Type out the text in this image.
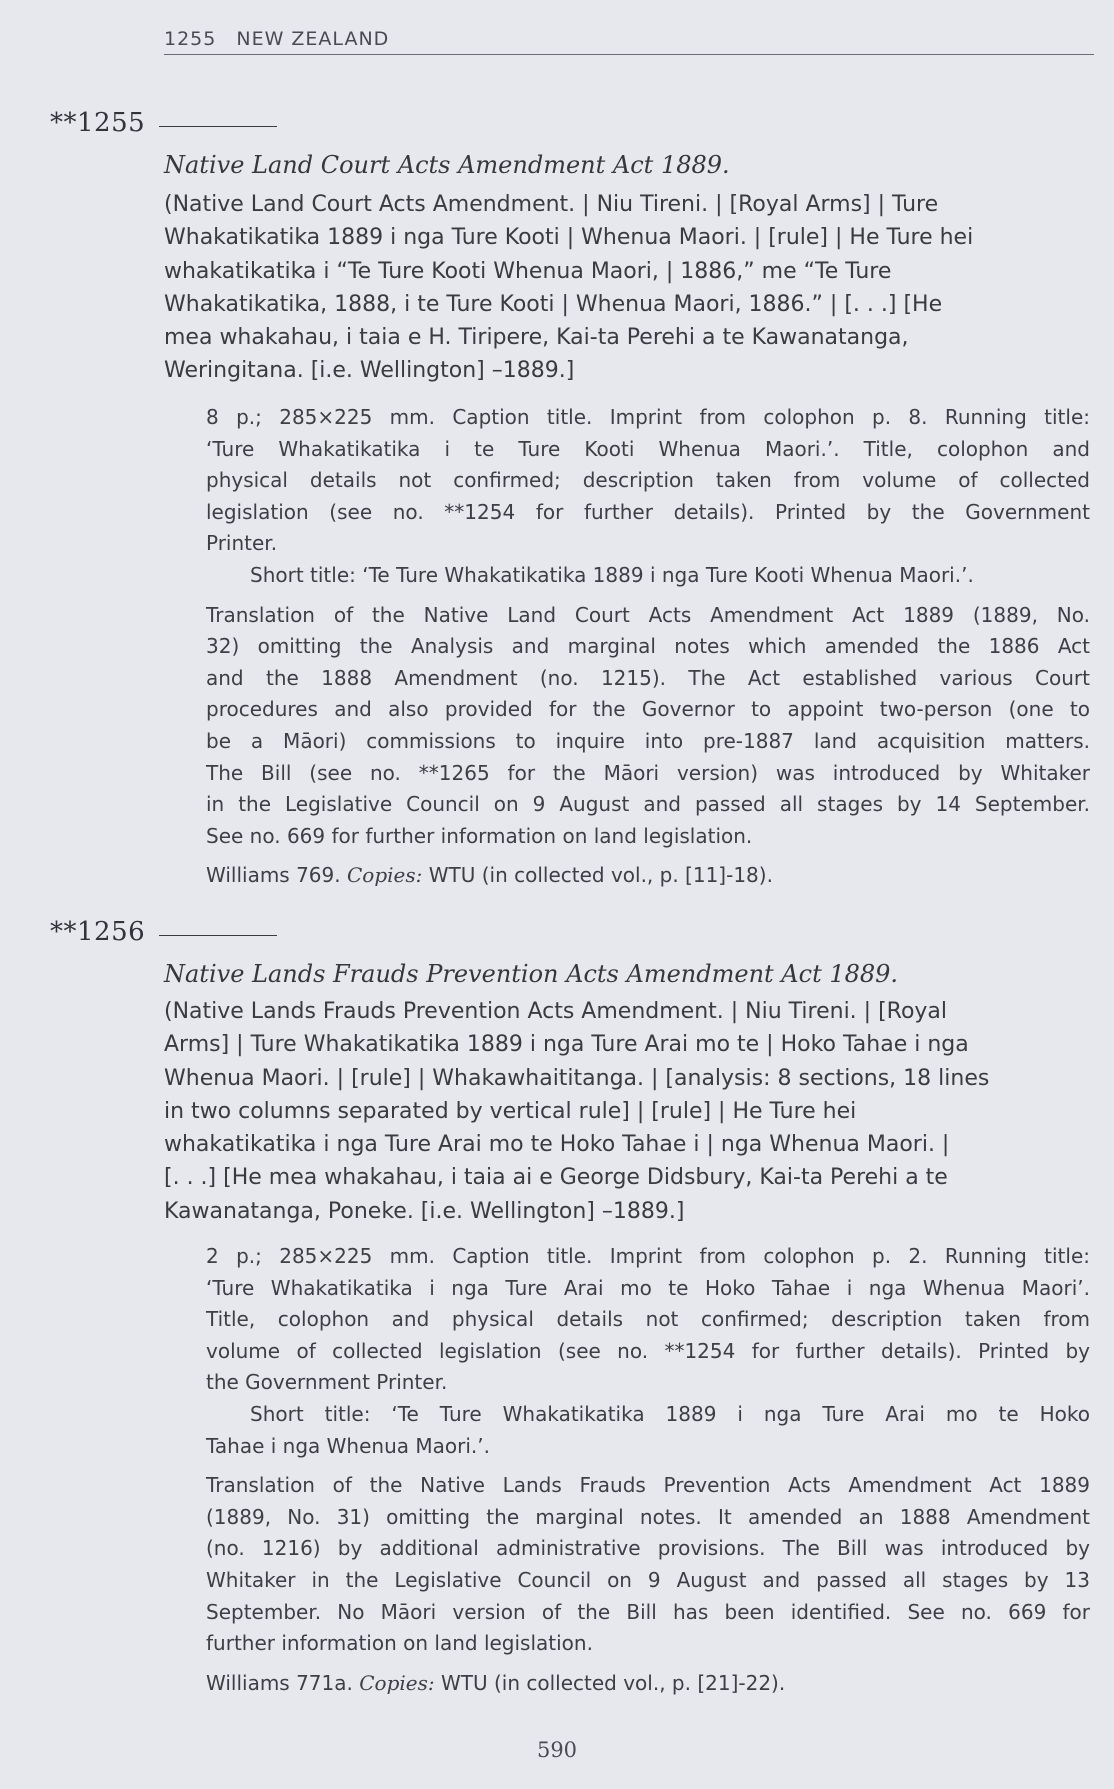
1255 NEW ZEALAND
**1255
Native Land Court Acts Amendment Act 1889.
(Native Land Court Acts Amendment. | Niu Tireni. | [Royal Arms] | Ture
Whakatikatika 1889 i nga Ture Kooti | Whenua Maori. | [rule] | He Ture hei
whakatikatika i “Te Ture Kooti Whenua Maori, | 1886,” me “Te Ture
Whakatikatika, 1888, i te Ture Kooti | Whenua Maori, 1886.” | [. . .] [He
mea whakahau, i taia e H. Tiripere, Kai-ta Perehi a te Kawanatanga,
Weringitana. [i.e. Wellington] –1889.]
8 p.; 285×225 mm. Caption title. Imprint from colophon p. 8. Running title:
‘Ture Whakatikatika i te Ture Kooti Whenua Maori.’. Title, colophon and
physical details not confirmed; description taken from volume of collected
legislation (see no. **1254 for further details). Printed by the Government
Printer.
Short title: ‘Te Ture Whakatikatika 1889 i nga Ture Kooti Whenua Maori.’.
Translation of the Native Land Court Acts Amendment Act 1889 (1889, No.
32) omitting the Analysis and marginal notes which amended the 1886 Act
and the 1888 Amendment (no. 1215). The Act established various Court
procedures and also provided for the Governor to appoint two-person (one to
be a Māori) commissions to inquire into pre-1887 land acquisition matters.
The Bill (see no. **1265 for the Māori version) was introduced by Whitaker
in the Legislative Council on 9 August and passed all stages by 14 September.
See no. 669 for further information on land legislation.
Williams 769. Copies: WTU (in collected vol., p. [11]-18).
**1256
Native Lands Frauds Prevention Acts Amendment Act 1889.
(Native Lands Frauds Prevention Acts Amendment. | Niu Tireni. | [Royal
Arms] | Ture Whakatikatika 1889 i nga Ture Arai mo te | Hoko Tahae i nga
Whenua Maori. | [rule] | Whakawhaititanga. | [analysis: 8 sections, 18 lines
in two columns separated by vertical rule] | [rule] | He Ture hei
whakatikatika i nga Ture Arai mo te Hoko Tahae i | nga Whenua Maori. |
[. . .] [He mea whakahau, i taia ai e George Didsbury, Kai-ta Perehi a te
Kawanatanga, Poneke. [i.e. Wellington] –1889.]
2 p.; 285×225 mm. Caption title. Imprint from colophon p. 2. Running title:
‘Ture Whakatikatika i nga Ture Arai mo te Hoko Tahae i nga Whenua Maori’.
Title, colophon and physical details not confirmed; description taken from
volume of collected legislation (see no. **1254 for further details). Printed by
the Government Printer.
Short title: ‘Te Ture Whakatikatika 1889 i nga Ture Arai mo te Hoko
Tahae i nga Whenua Maori.’.
Translation of the Native Lands Frauds Prevention Acts Amendment Act 1889
(1889, No. 31) omitting the marginal notes. It amended an 1888 Amendment
(no. 1216) by additional administrative provisions. The Bill was introduced by
Whitaker in the Legislative Council on 9 August and passed all stages by 13
September. No Māori version of the Bill has been identified. See no. 669 for
further information on land legislation.
Williams 771a. Copies: WTU (in collected vol., p. [21]-22).
590
